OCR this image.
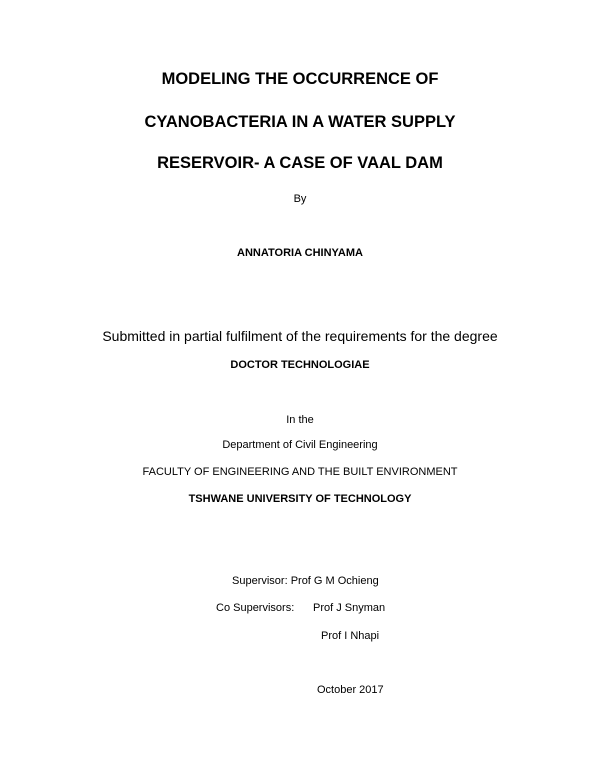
MODELING THE OCCURRENCE OF
CYANOBACTERIA IN A WATER SUPPLY
RESERVOIR- A CASE OF VAAL DAM
By
ANNATORIA CHINYAMA
Submitted in partial fulfilment of the requirements for the degree
DOCTOR TECHNOLOGIAE
In the
Department of Civil Engineering
FACULTY OF ENGINEERING AND THE BUILT ENVIRONMENT
TSHWANE UNIVERSITY OF TECHNOLOGY
Supervisor: Prof G M Ochieng
Co Supervisors: Prof J Snyman
Prof I Nhapi
October 2017
